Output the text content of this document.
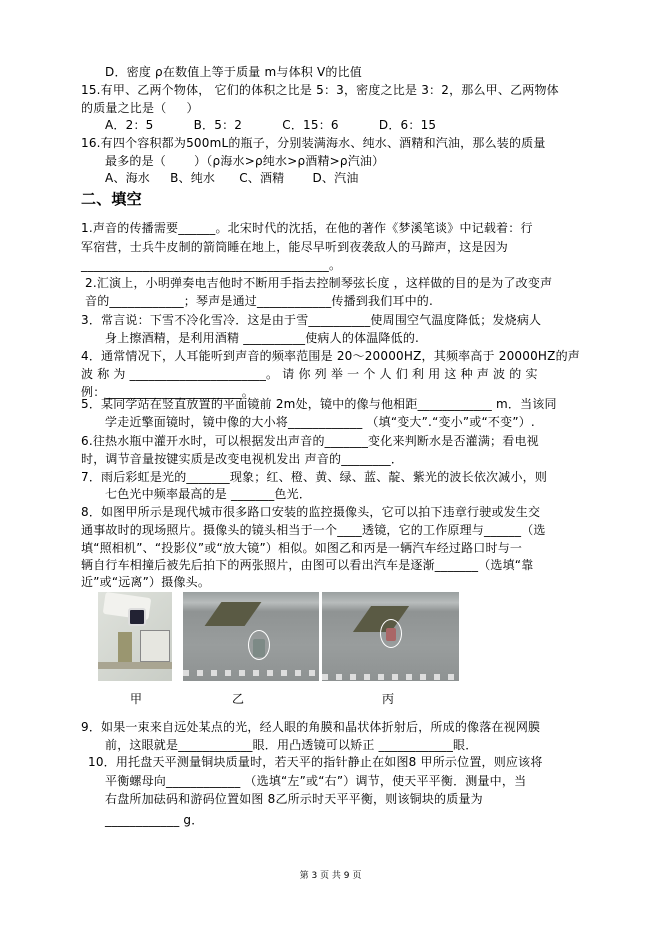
D．密度 ρ在数值上等于质量 m与体积 V的比值
15.有甲、乙两个物体， 它们的体积之比是 5：3，密度之比是 3：2，那么甲、乙两物体
的质量之比是（     ）
A．2：5          B．5：2          C．15：6          D．6：15
16.有四个容积都为500mL的瓶子，分别装满海水、纯水、酒精和汽油，那么装的质量
最多的是（       ）（ρ海水>ρ纯水>ρ酒精>ρ汽油）
A、海水     B、纯水      C、酒精       D、汽油
二、填空
1.声音的传播需要______。北宋时代的沈括，在他的著作《梦溪笔谈》中记载着：行
军宿营，士兵牛皮制的箭筒睡在地上，能尽早听到夜袭敌人的马蹄声，这是因为
________________________________________。
2.汇演上，小明弹奏电吉他时不断用手指去控制琴弦长度 ，这样做的目的是为了改变声
音的____________；琴声是通过____________传播到我们耳中的.
3．常言说：下雪不冷化雪冷．这是由于雪__________使周围空气温度降低；发烧病人
身上擦酒精，是利用酒精 __________使病人的体温降低的.
4．通常情况下，人耳能听到声音的频率范围是 20～20000HZ，其频率高于 20000HZ的声
波 称 为 ______________________。 请 你 列 举 一 个 人 们 利 用 这 种 声 波 的 实
例：______________________。
5．某同学站在竖直放置的平面镜前 2m处，镜中的像与他相距____________ m．当该同
学走近擎面镜时，镜中像的大小将____________ （填“变大”.“变小”或“不变”）.
6.往热水瓶中灌开水时，可以根据发出声音的_______变化来判断水是否灌满；看电视
时，调节音量按键实质是改变电视机发出 声音的________．
7．雨后彩虹是光的_______现象；红、橙、黄、绿、蓝、靛、紫光的波长依次减小，则
七色光中频率最高的是 _______色光．
8．如图甲所示是现代城市很多路口安装的监控摄像头，它可以拍下违章行驶或发生交
通事故时的现场照片。摄像头的镜头相当于一个____透镜，它的工作原理与______（选
填“照相机”、“投影仪”或“放大镜”）相似。如图乙和丙是一辆汽车经过路口时与一
辆自行车相撞后被先后拍下的两张照片，由图可以看出汽车是逐渐_______（选填“靠
近”或“远离”）摄像头。
9．如果一束来自远处某点的光，经人眼的角膜和晶状体折射后，所成的像落在视网膜
前，这眼就是____________眼．用凸透镜可以矫正 ____________眼．
10．用托盘天平测量铜块质量时，若天平的指针静止在如图8 甲所示位置，则应该将
平衡螺母向____________ （选填“左”或“右”）调节，使天平平衡．测量中，当
右盘所加砝码和游码位置如图 8乙所示时天平平衡，则该铜块的质量为
____________ g．
甲	乙	丙
第 3 页 共 9 页
